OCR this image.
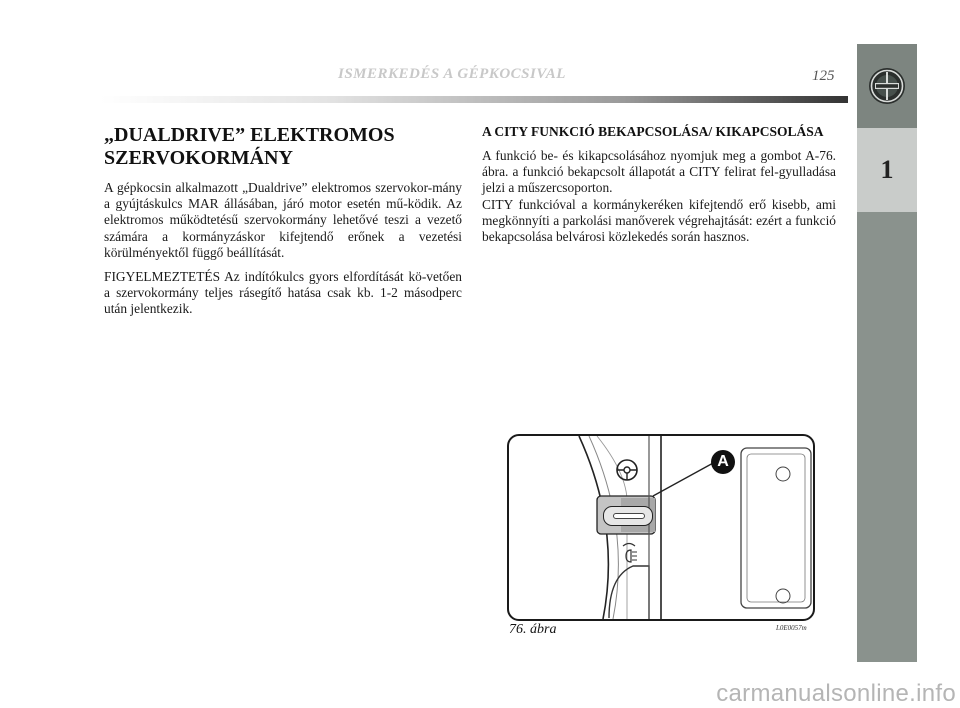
ISMERKEDÉS A GÉPKOCSIVAL	125
1
„DUALDRIVE” ELEKTROMOS SZERVOKORMÁNY

A gépkocsin alkalmazott „Dualdrive” elektromos szervokor-mány a gyújtáskulcs MAR állásában, járó motor esetén mű-ködik. Az elektromos működtetésű szervokormány lehetővé teszi a vezető számára a kormányzáskor kifejtendő erőnek a vezetési körülményektől függő beállítását.

FIGYELMEZTETÉS Az indítókulcs gyors elfordítását kö-vetően a szervokormány teljes rásegítő hatása csak kb. 1-2 másodperc után jelentkezik.

A CITY FUNKCIÓ BEKAPCSOLÁSA/ KIKAPCSOLÁSA

A funkció be- és kikapcsolásához nyomjuk meg a gombot A-76. ábra. a funkció bekapcsolt állapotát a CITY felirat fel-gyulladása jelzi a műszercsoporton.

CITY funkcióval a kormánykeréken kifejtendő erő kisebb, ami megkönnyíti a parkolási manőverek végrehajtását: ezért a funkció bekapcsolása belvárosi közlekedés során hasznos.

A
76. ábra	L0E0057m
carmanualsonline.info
